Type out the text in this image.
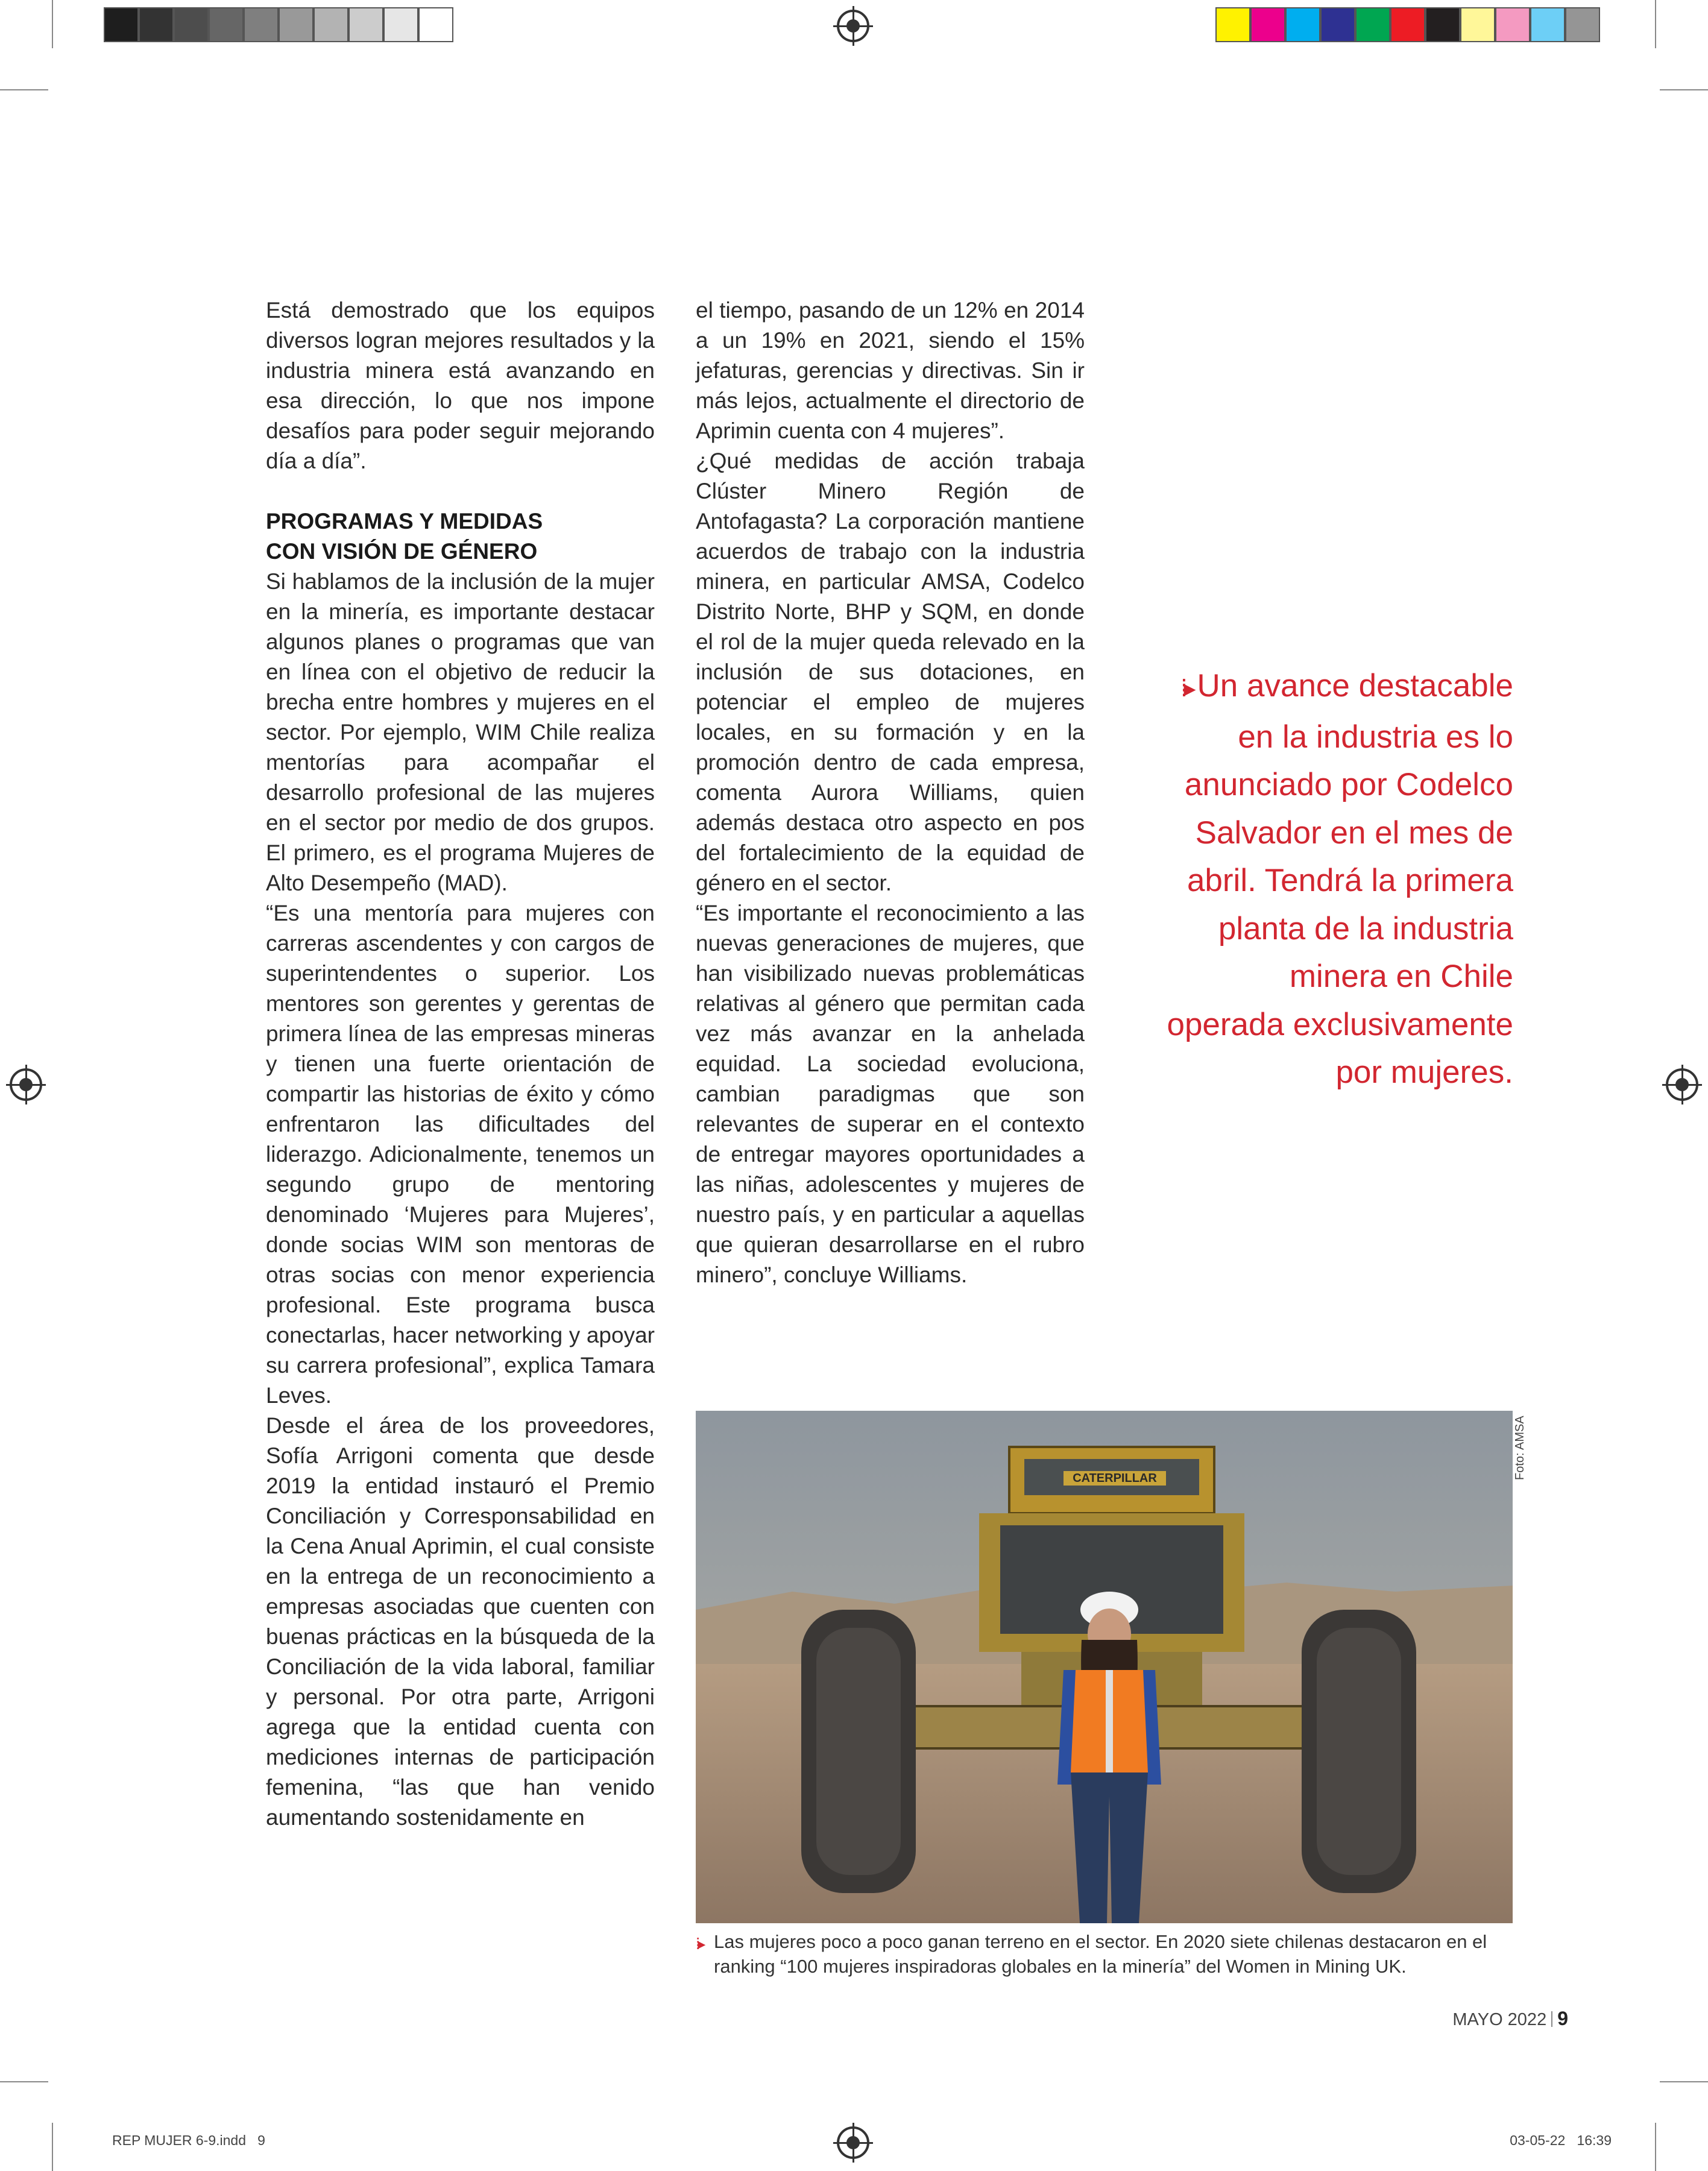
Está demostrado que los equipos diversos logran mejores resultados y la industria minera está avanzando en esa dirección, lo que nos impone desafíos para poder seguir mejorando día a día”.

PROGRAMAS Y MEDIDAS
CON VISIÓN DE GÉNERO

Si hablamos de la inclusión de la mujer en la minería, es importante destacar algunos planes o programas que van en línea con el objetivo de reducir la brecha entre hombres y mujeres en el sector. Por ejemplo, WIM Chile realiza mentorías para acompañar el desarrollo profesional de las mujeres en el sector por medio de dos grupos. El primero, es el programa Mujeres de Alto Desempeño (MAD).

“Es una mentoría para mujeres con carreras ascendentes y con cargos de superintendentes o superior. Los mentores son gerentes y gerentas de primera línea de las empresas mineras y tienen una fuerte orientación de compartir las historias de éxito y cómo enfrentaron las dificultades del liderazgo. Adicionalmente, tenemos un segundo grupo de mentoring denominado ‘Mujeres para Mujeres’, donde socias WIM son mentoras de otras socias con menor experiencia profesional. Este programa busca conectarlas, hacer networking y apoyar su carrera profesional”, explica Tamara Leves.

Desde el área de los proveedores, Sofía Arrigoni comenta que desde 2019 la entidad instauró el Premio Conciliación y Corresponsabilidad en la Cena Anual Aprimin, el cual consiste en la entrega de un reconocimiento a empresas asociadas que cuenten con buenas prácticas en la búsqueda de la Conciliación de la vida laboral, familiar y personal. Por otra parte, Arrigoni agrega que la entidad cuenta con mediciones internas de participación femenina, “las que han venido aumentando sostenidamente en

el tiempo, pasando de un 12% en 2014 a un 19% en 2021, siendo el 15% jefaturas, gerencias y directivas. Sin ir más lejos, actualmente el directorio de Aprimin cuenta con 4 mujeres”.

¿Qué medidas de acción trabaja Clúster Minero Región de Antofagasta? La corporación mantiene acuerdos de trabajo con la industria minera, en particular AMSA, Codelco Distrito Norte, BHP y SQM, en donde el rol de la mujer queda relevado en la inclusión de sus dotaciones, en potenciar el empleo de mujeres locales, en su formación y en la promoción dentro de cada empresa, comenta Aurora Williams, quien además destaca otro aspecto en pos del fortalecimiento de la equidad de género en el sector.

“Es importante el reconocimiento a las nuevas generaciones de mujeres, que han visibilizado nuevas problemáticas relativas al género que permitan cada vez más avanzar en la anhelada equidad. La sociedad evoluciona, cambian paradigmas que son relevantes de superar en el contexto de entregar mayores oportunidades a las niñas, adolescentes y mujeres de nuestro país, y en particular a aquellas que quieran desarrollarse en el rubro minero”, concluye Williams.

⁞▸ Un avance destacable en la industria es lo anunciado por Codelco Salvador en el mes de abril. Tendrá la primera planta de la industria minera en Chile operada exclusivamente por mujeres.
CATERPILLAR	Foto: AMSA
⁞▸ Las mujeres poco a poco ganan terreno en el sector. En 2020 siete chilenas destacaron en el ranking “100 mujeres inspiradoras globales en la minería” del Women in Mining UK.
MAYO 2022 9
REP MUJER 6-9.indd   9	03-05-22   16:39
